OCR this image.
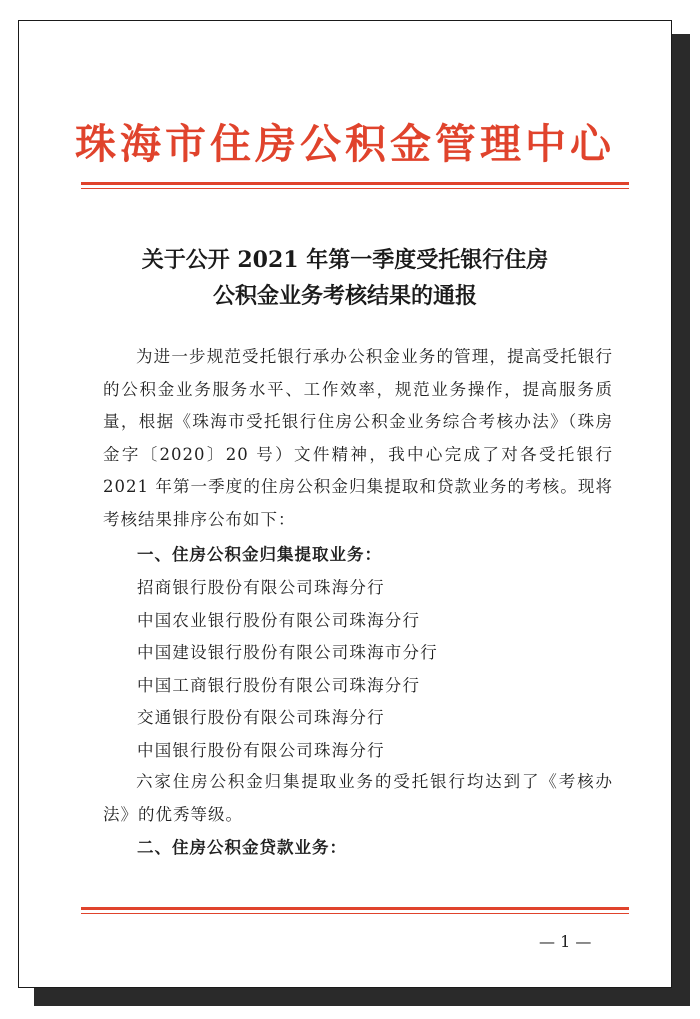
珠海市住房公积金管理中心
关于公开 2021 年第一季度受托银行住房
公积金业务考核结果的通报
为进一步规范受托银行承办公积金业务的管理，提高受托银行的公积金业务服务水平、工作效率，规范业务操作，提高服务质量，根据《珠海市受托银行住房公积金业务综合考核办法》（珠房金字〔2020〕20 号）文件精神，我中心完成了对各受托银行 2021 年第一季度的住房公积金归集提取和贷款业务的考核。现将考核结果排序公布如下：
一、住房公积金归集提取业务：
招商银行股份有限公司珠海分行
中国农业银行股份有限公司珠海分行
中国建设银行股份有限公司珠海市分行
中国工商银行股份有限公司珠海分行
交通银行股份有限公司珠海分行
中国银行股份有限公司珠海分行
六家住房公积金归集提取业务的受托银行均达到了《考核办法》的优秀等级。
二、住房公积金贷款业务：
— 1 —
